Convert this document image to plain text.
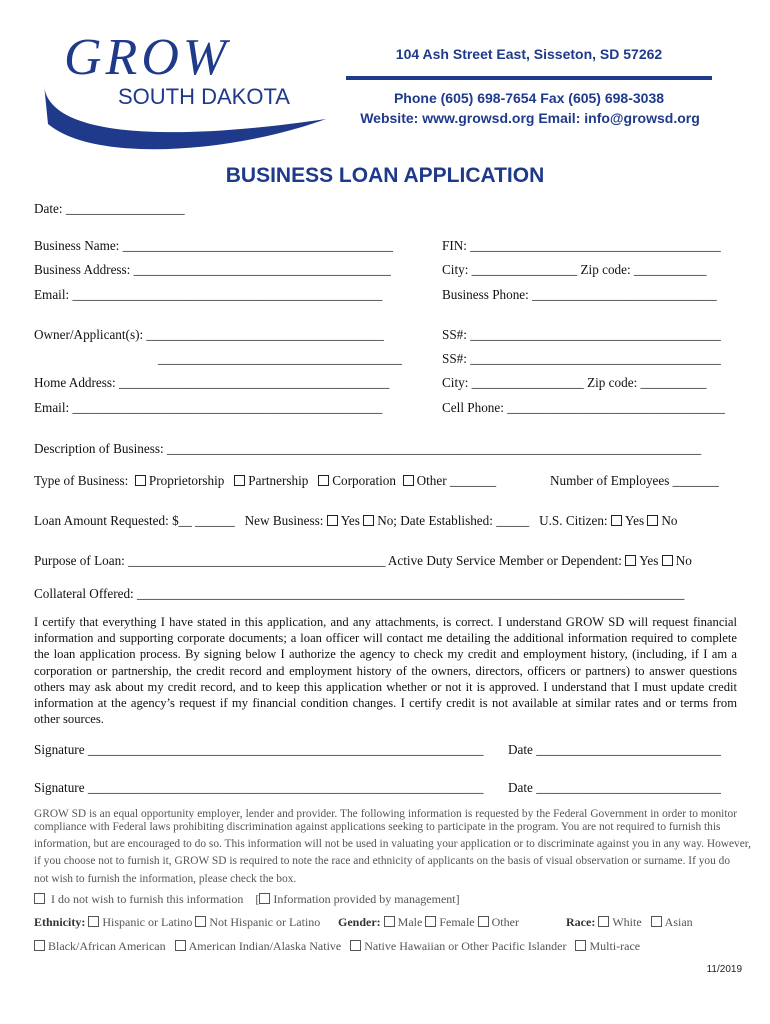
GROW
SOUTH DAKOTA
104 Ash Street East, Sisseton, SD 57262
Phone (605) 698-7654 Fax (605) 698-3038
Website: www.growsd.org Email: info@growsd.org
BUSINESS LOAN APPLICATION
Date: __________________
Business Name: _________________________________________	FIN: ______________________________________
Business Address: _______________________________________	City: ________________ Zip code: ___________
Email: _______________________________________________	Business Phone: ____________________________
Owner/Applicant(s): ____________________________________	SS#: ______________________________________
_____________________________________	SS#: ______________________________________
Home Address: _________________________________________	City: _________________ Zip code: __________
Email: _______________________________________________	Cell Phone: _________________________________
Description of Business: _________________________________________________________________________________
Type of Business: Proprietorship Partnership Corporation Other _______	Number of Employees _______
Loan Amount Requested: $__ ______ New Business: Yes No; Date Established: _____ U.S. Citizen: Yes No
Purpose of Loan: _______________________________________ Active Duty Service Member or Dependent: Yes No
Collateral Offered: ___________________________________________________________________________________
I certify that everything I have stated in this application, and any attachments, is correct. I understand GROW SD will request financial information and supporting corporate documents; a loan officer will contact me detailing the additional information required to complete the loan application process. By signing below I authorize the agency to check my credit and employment history, (including, if I am a corporation or partnership, the credit record and employment history of the owners, directors, officers or partners) to answer questions others may ask about my credit record, and to keep this application whether or not it is approved. I understand that I must update credit information at the agency’s request if my financial condition changes. I certify credit is not available at similar rates and or terms from other sources.
Signature ____________________________________________________________ Date ____________________________
Signature ____________________________________________________________ Date ____________________________
GROW SD is an equal opportunity employer, lender and provider. The following information is requested by the Federal Government in order to monitor compliance with Federal laws prohibiting discrimination against applications seeking to participate in the program. You are not required to furnish this
information, but are encouraged to do so. This information will not be used in valuating your application or to discriminate against you in any way. However,
if you choose not to furnish it, GROW SD is required to note the race and ethnicity of applicants on the basis of visual observation or surname. If you do
not wish to furnish the information, please check the box.
I do not wish to furnish this information    [ Information provided by management]
Ethnicity: Hispanic or Latino Not Hispanic or Latino Gender: Male Female Other	Race: White Asian
Black/African American American Indian/Alaska Native Native Hawaiian or Other Pacific Islander Multi-race
11/2019
